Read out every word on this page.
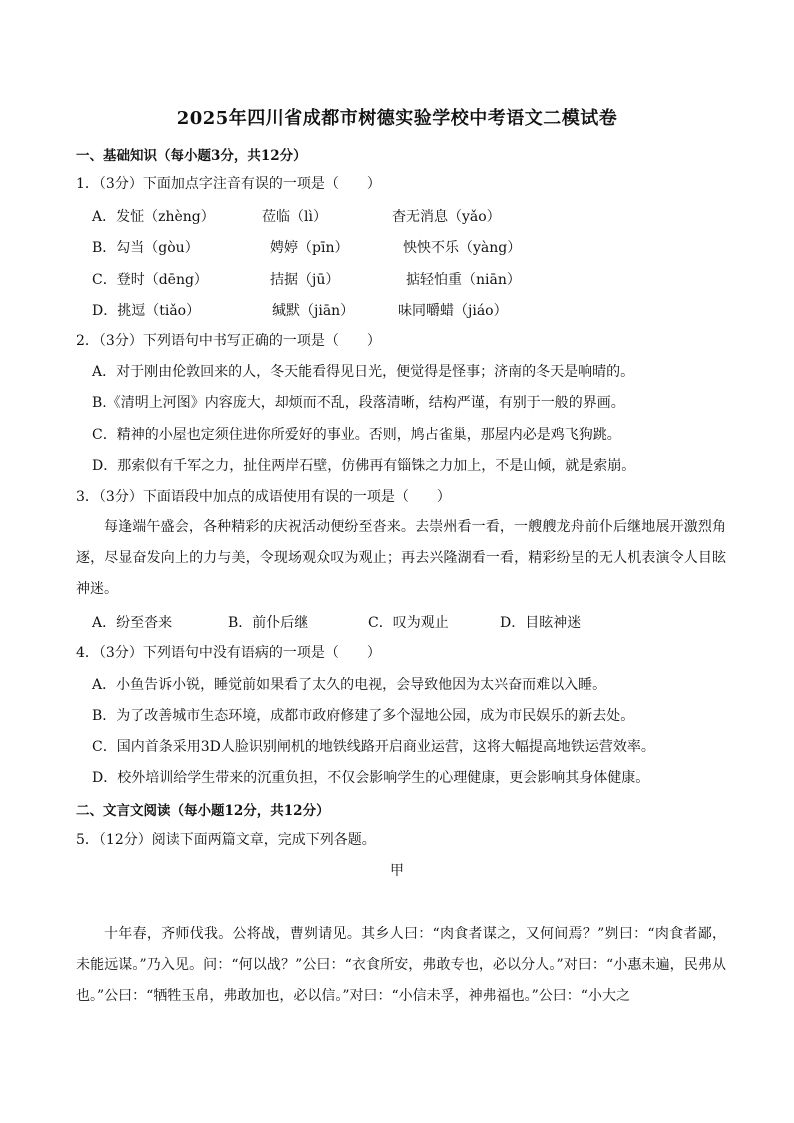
2025年四川省成都市树德实验学校中考语文二模试卷
一、基础知识（每小题3分，共12分）
1．（3分）下面加点字注音有误的一项是（　　）
A．发怔（zhèng）	莅临（lì）	杳无消息（yǎo）
B．勾当（gòu）	娉婷（pīn）	怏怏不乐（yàng）
C．登时（dēng）	拮据（jū）	掂轻怕重（niān）
D．挑逗（tiǎo）	缄默（jiān）	味同嚼蜡（jiáo）
2．（3分）下列语句中书写正确的一项是（　　）
A．对于刚由伦敦回来的人，冬天能看得见日光，便觉得是怪事；济南的冬天是响晴的。
B.《清明上河图》内容庞大，却烦而不乱，段落清晰，结构严谨，有别于一般的界画。
C．精神的小屋也定须住进你所爱好的事业。否则，鸠占雀巢，那屋内必是鸡飞狗跳。
D．那索似有千军之力，扯住两岸石壁，仿佛再有锱铢之力加上，不是山倾，就是索崩。
3．（3分）下面语段中加点的成语使用有误的一项是（　　）
每逢端午盛会，各种精彩的庆祝活动便纷至沓来。去崇州看一看，一艘艘龙舟前仆后继地展开激烈角逐，尽显奋发向上的力与美，令现场观众叹为观止；再去兴隆湖看一看，精彩纷呈的无人机表演令人目眩神迷。
A．纷至沓来	B．前仆后继	C．叹为观止	D．目眩神迷
4．（3分）下列语句中没有语病的一项是（　　）
A．小鱼告诉小锐，睡觉前如果看了太久的电视，会导致他因为太兴奋而难以入睡。
B．为了改善城市生态环境，成都市政府修建了多个湿地公园，成为市民娱乐的新去处。
C．国内首条采用3D人脸识别闸机的地铁线路开启商业运营，这将大幅提高地铁运营效率。
D．校外培训给学生带来的沉重负担，不仅会影响学生的心理健康，更会影响其身体健康。
二、文言文阅读（每小题12分，共12分）
5．（12分）阅读下面两篇文章，完成下列各题。
甲
十年春，齐师伐我。公将战，曹刿请见。其乡人曰：“肉食者谋之，又何间焉？”刿曰：“肉食者鄙，未能远谋。”乃入见。问：“何以战？”公曰：“衣食所安，弗敢专也，必以分人。”对曰：“小惠未遍，民弗从也。”公曰：“牺牲玉帛，弗敢加也，必以信。”对曰：“小信未孚，神弗福也。”公曰：“小大之
